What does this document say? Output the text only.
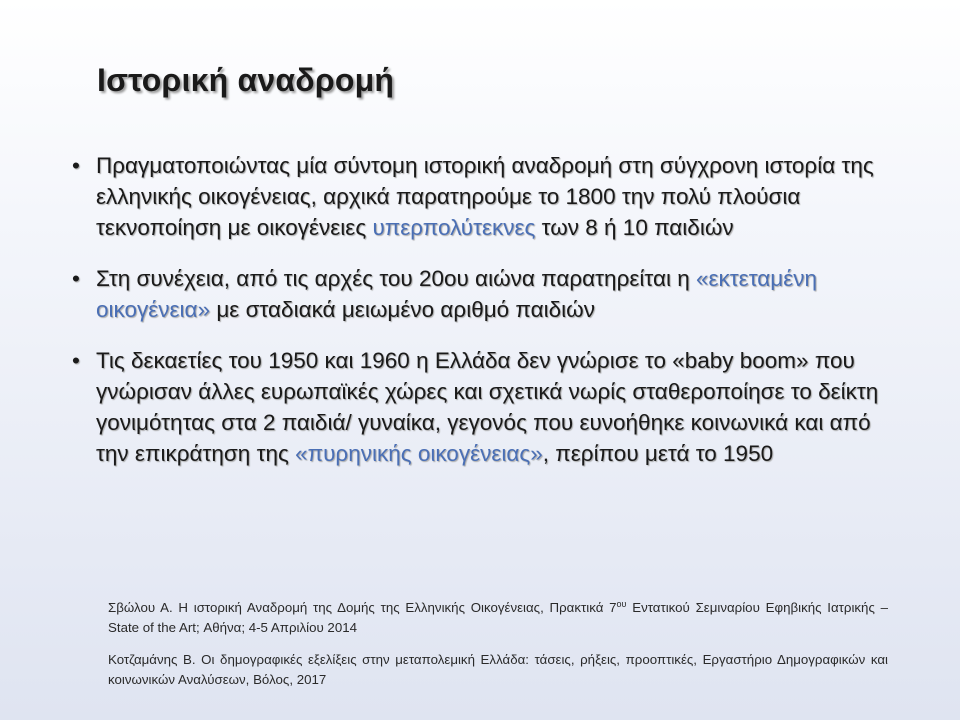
Ιστορική αναδρομή
• Πραγματοποιώντας μία σύντομη ιστορική αναδρομή στη σύγχρονη ιστορία της ελληνικής οικογένειας, αρχικά παρατηρούμε το 1800 την πολύ πλούσια τεκνοποίηση με οικογένειες υπερπολύτεκνες των 8 ή 10 παιδιών
• Στη συνέχεια, από τις αρχές του 20ου αιώνα παρατηρείται η «εκτεταμένη οικογένεια» με σταδιακά μειωμένο αριθμό παιδιών
• Τις δεκαετίες του 1950 και 1960 η Ελλάδα δεν γνώρισε το «baby boom» που γνώρισαν άλλες ευρωπαϊκές χώρες και σχετικά νωρίς σταθεροποίησε το δείκτη γονιμότητας στα 2 παιδιά/ γυναίκα, γεγονός που ευνοήθηκε κοινωνικά και από την επικράτηση της «πυρηνικής οικογένειας», περίπου μετά το 1950

Σβώλου Α. Η ιστορική Αναδρομή της Δομής της Ελληνικής Οικογένειας, Πρακτικά $7^{o\upsilon}$ Εντατικού Σεμιναρίου Εφηβικής Ιατρικής – State of the Art; Αθήνα; 4-5 Απριλίου 2014

Κοτζαμάνης Β. Οι δημογραφικές εξελίξεις στην μεταπολεμική Ελλάδα: τάσεις, ρήξεις, προοπτικές, Εργαστήριο Δημογραφικών και κοινωνικών Αναλύσεων, Βόλος, 2017
